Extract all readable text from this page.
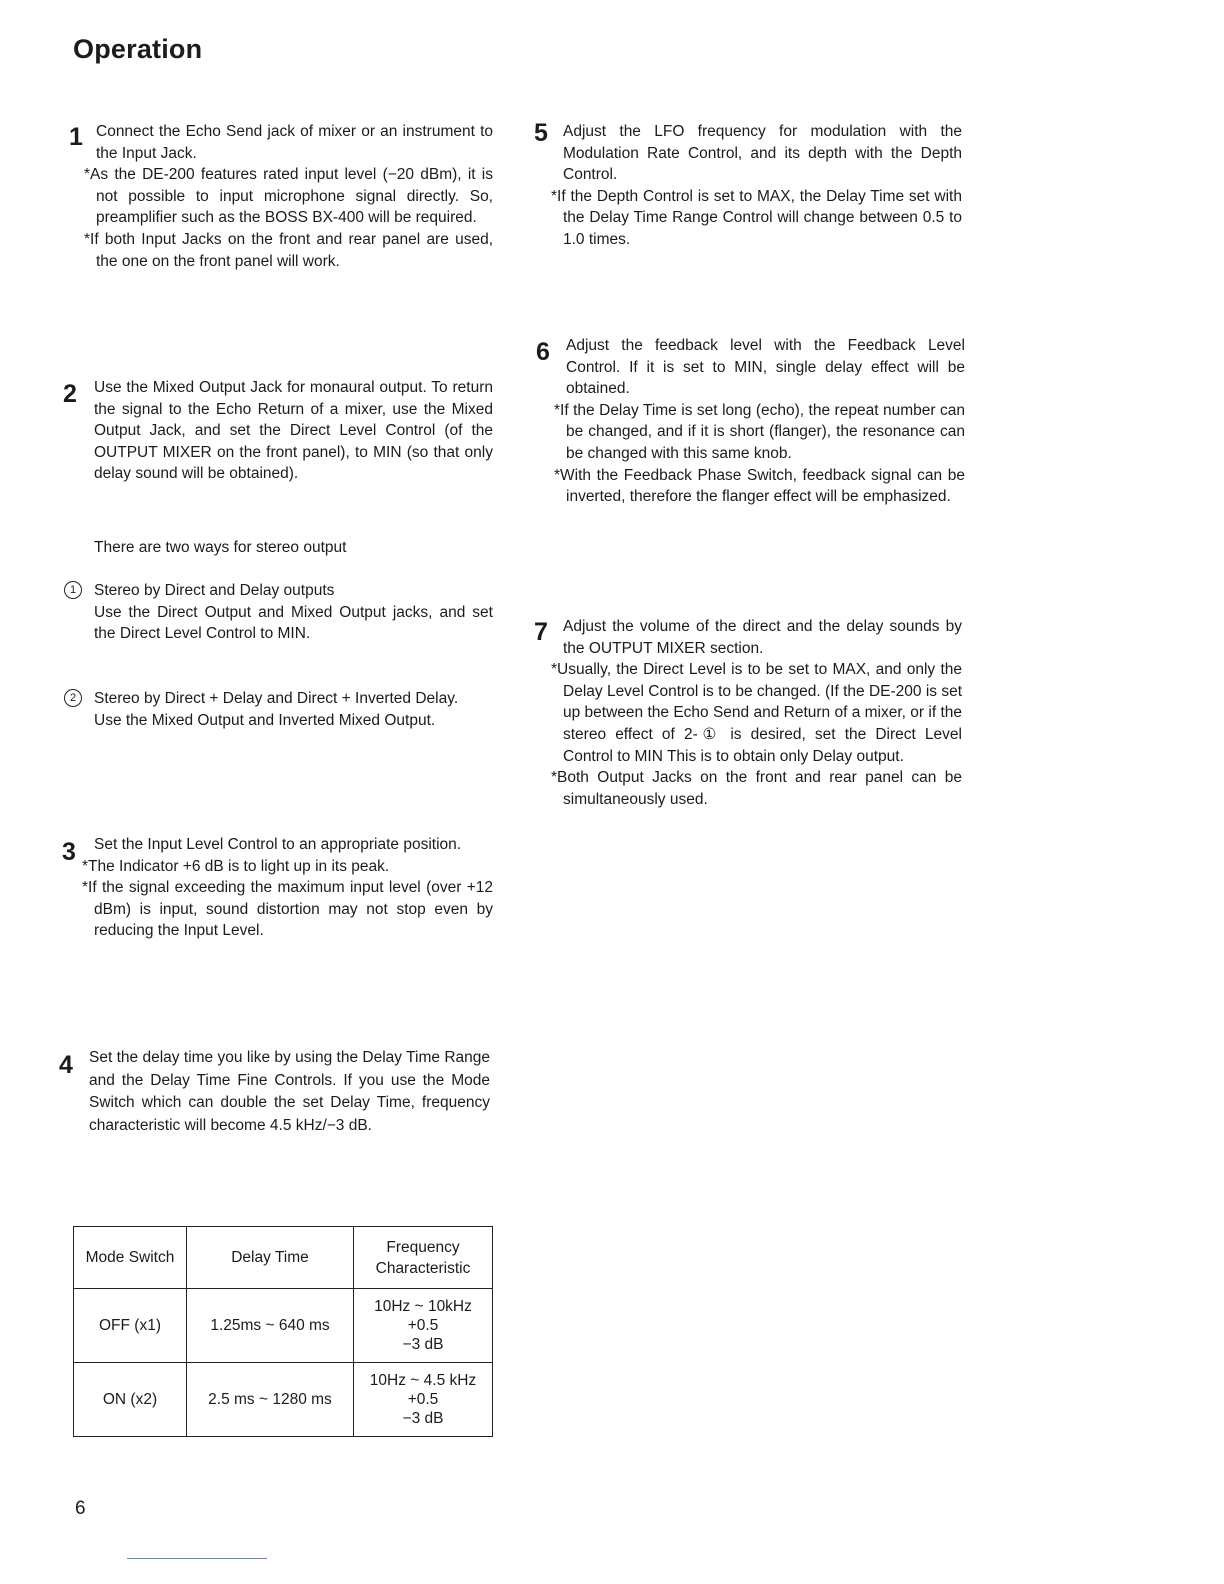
Operation
1 Connect the Echo Send jack of mixer or an instrument to the Input Jack.
*As the DE-200 features rated input level (−20 dBm), it is not possible to input microphone signal directly. So, preamplifier such as the BOSS BX-400 will be required.
*If both Input Jacks on the front and rear panel are used, the one on the front panel will work.
2 Use the Mixed Output Jack for monaural output. To return the signal to the Echo Return of a mixer, use the Mixed Output Jack, and set the Direct Level Control (of the OUTPUT MIXER on the front panel), to MIN (so that only delay sound will be obtained).
There are two ways for stereo output
1	Stereo by Direct and Delay outputs
Use the Direct Output and Mixed Output jacks, and set the Direct Level Control to MIN.
2	Stereo by Direct + Delay and Direct + Inverted Delay.
Use the Mixed Output and Inverted Mixed Output.
3 Set the Input Level Control to an appropriate position.
*The Indicator +6 dB is to light up in its peak.
*If the signal exceeding the maximum input level (over +12 dBm) is input, sound distortion may not stop even by reducing the Input Level.
4 Set the delay time you like by using the Delay Time Range and the Delay Time Fine Controls. If you use the Mode Switch which can double the set Delay Time, frequency characteristic will become 4.5 kHz/−3 dB.
Mode Switch	Delay Time	Frequency
Characteristic

OFF (x1)	1.25ms ~ 640 ms	10Hz ~ 10kHz
+0.5
−3 dB

ON (x2)	2.5 ms ~ 1280 ms	10Hz ~ 4.5 kHz
+0.5
−3 dB
5 Adjust the LFO frequency for modulation with the Modulation Rate Control, and its depth with the Depth Control.
*If the Depth Control is set to MAX, the Delay Time set with the Delay Time Range Control will change between 0.5 to 1.0 times.
6 Adjust the feedback level with the Feedback Level Control. If it is set to MIN, single delay effect will be obtained.
*If the Delay Time is set long (echo), the repeat number can be changed, and if it is short (flanger), the resonance can be changed with this same knob.
*With the Feedback Phase Switch, feedback signal can be inverted, therefore the flanger effect will be emphasized.
7 Adjust the volume of the direct and the delay sounds by the OUTPUT MIXER section.
*Usually, the Direct Level is to be set to MAX, and only the Delay Level Control is to be changed. (If the DE-200 is set up between the Echo Send and Return of a mixer, or if the stereo effect of 2-① is desired, set the Direct Level Control to MIN This is to obtain only Delay output.
*Both Output Jacks on the front and rear panel can be simultaneously used.
6
